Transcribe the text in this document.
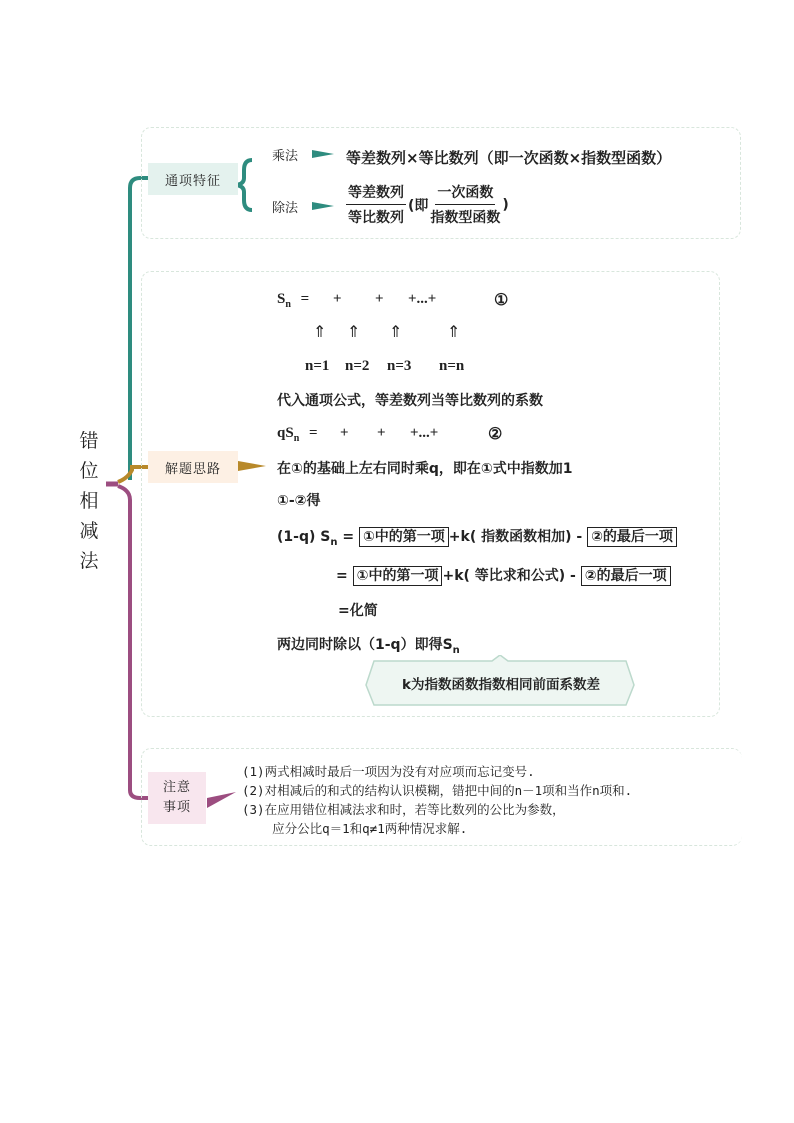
错位相减法
通项特征
解题思路
注意
事项
乘法	等差数列×等比数列（即一次函数×指数型函数）
除法	$\frac{\text{等差数列}}{\text{等比数列}}$ (即 $\frac{\text{一次函数}}{\text{指数型函数}}$ )
$S_n$ = + + +...+	①
⇑ ⇑ ⇑	⇑
n=1 n=2 n=3 n=n
代入通项公式，等差数列当等比数列的系数
$qS_n$ = + + +...+	②
在①的基础上左右同时乘q，即在①式中指数加1
①-②得
(1-q) $S_n$ = ①中的第一项 +k( 指数函数相加) - ②的最后一项
= ①中的第一项 +k( 等比求和公式) - ②的最后一项
=化简
两边同时除以（1-q）即得$S_n$
k为指数函数指数相同前面系数差
(1)两式相减时最后一项因为没有对应项而忘记变号.
(2)对相减后的和式的结构认识模糊，错把中间的n－1项和当作n项和.
(3)在应用错位相减法求和时，若等比数列的公比为参数，
应分公比q＝1和q≠1两种情况求解.
